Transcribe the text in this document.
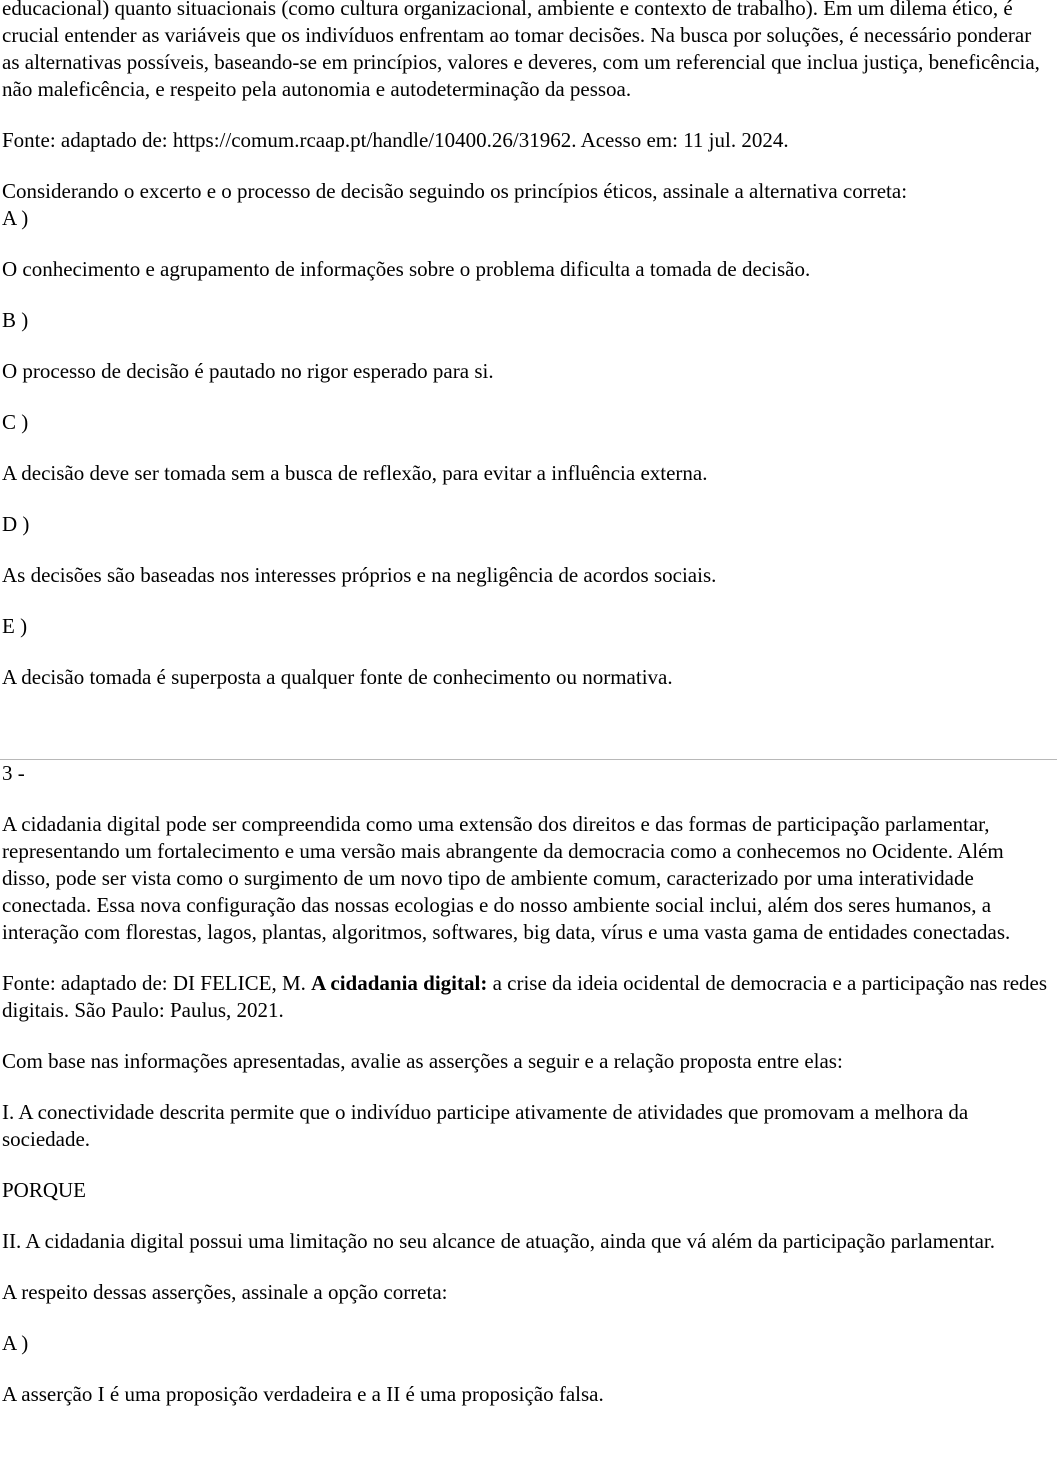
educacional) quanto situacionais (como cultura organizacional, ambiente e contexto de trabalho). Em um dilema ético, é crucial entender as variáveis que os indivíduos enfrentam ao tomar decisões. Na busca por soluções, é necessário ponderar as alternativas possíveis, baseando-se em princípios, valores e deveres, com um referencial que inclua justiça, beneficência, não maleficência, e respeito pela autonomia e autodeterminação da pessoa.

Fonte: adaptado de: https://comum.rcaap.pt/handle/10400.26/31962. Acesso em: 11 jul. 2024.

Considerando o excerto e o processo de decisão seguindo os princípios éticos, assinale a alternativa correta:

A )

O conhecimento e agrupamento de informações sobre o problema dificulta a tomada de decisão.

B )

O processo de decisão é pautado no rigor esperado para si.

C )

A decisão deve ser tomada sem a busca de reflexão, para evitar a influência externa.

D )

As decisões são baseadas nos interesses próprios e na negligência de acordos sociais.

E )

A decisão tomada é superposta a qualquer fonte de conhecimento ou normativa.

3 -

A cidadania digital pode ser compreendida como uma extensão dos direitos e das formas de participação parlamentar, representando um fortalecimento e uma versão mais abrangente da democracia como a conhecemos no Ocidente. Além disso, pode ser vista como o surgimento de um novo tipo de ambiente comum, caracterizado por uma interatividade conectada. Essa nova configuração das nossas ecologias e do nosso ambiente social inclui, além dos seres humanos, a interação com florestas, lagos, plantas, algoritmos, softwares, big data, vírus e uma vasta gama de entidades conectadas.

Fonte: adaptado de: DI FELICE, M. A cidadania digital: a crise da ideia ocidental de democracia e a participação nas redes digitais. São Paulo: Paulus, 2021.

Com base nas informações apresentadas, avalie as asserções a seguir e a relação proposta entre elas:

I. A conectividade descrita permite que o indivíduo participe ativamente de atividades que promovam a melhora da sociedade.

PORQUE

II. A cidadania digital possui uma limitação no seu alcance de atuação, ainda que vá além da participação parlamentar.

A respeito dessas asserções, assinale a opção correta:

A )

A asserção I é uma proposição verdadeira e a II é uma proposição falsa.
